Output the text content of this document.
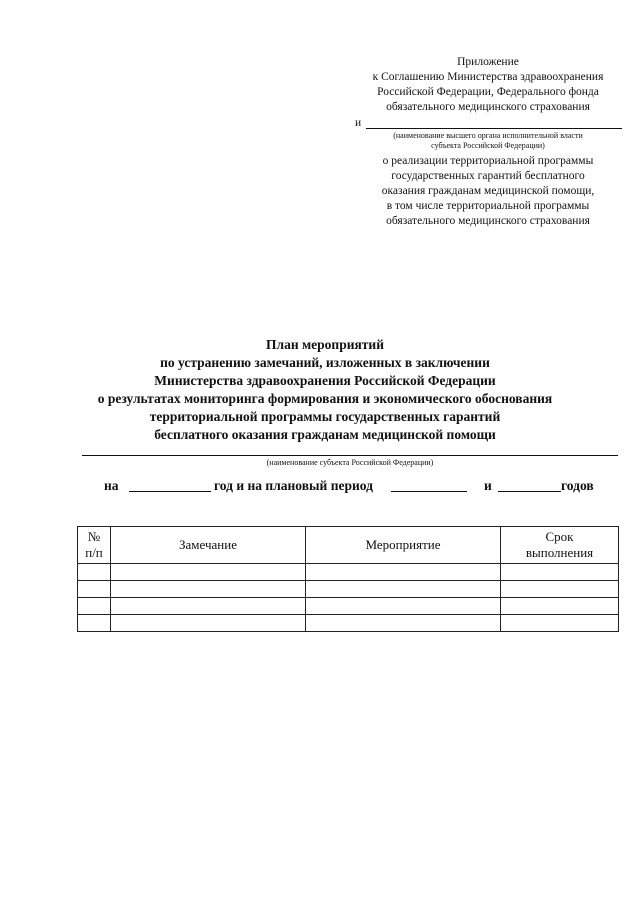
Приложение
к Соглашению Министерства здравоохранения
Российской Федерации, Федерального фонда
обязательного медицинского страхования
и
(наименование высшего органа исполнительной власти
субъекта Российской Федерации)
о реализации территориальной программы
государственных гарантий бесплатного
оказания гражданам медицинской помощи,
в том числе территориальной программы
обязательного медицинского страхования
План мероприятий
по устранению замечаний, изложенных в заключении
Министерства здравоохранения Российской Федерации
о результатах мониторинга формирования и экономического обоснования
территориальной программы государственных гарантий
бесплатного оказания гражданам медицинской помощи
(наименование субъекта Российской Федерации)
на	год и на плановый период	и	годов
№
п/п	Замечание	Мероприятие	Срок
выполнения
